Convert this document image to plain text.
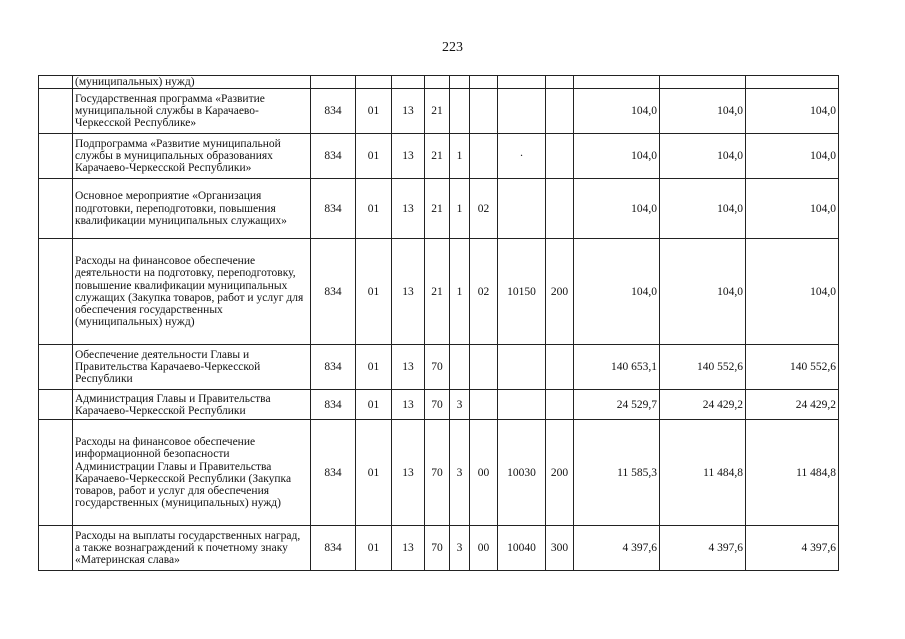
223
	(муниципальных) нужд)											
	Государственная программа «Развитие муниципальной службы в Карачаево-Черкесской Республике»	834	01	13	21					104,0	104,0	104,0
	Подпрограмма «Развитие муниципальной службы в муниципальных образованиях Карачаево-Черкесской Республики»	834	01	13	21	1		·		104,0	104,0	104,0
	Основное мероприятие «Организация подготовки, переподготовки, повышения квалификации муниципальных служащих»	834	01	13	21	1	02			104,0	104,0	104,0
	Расходы на финансовое обеспечение деятельности на подготовку, переподготовку, повышение квалификации муниципальных служащих (Закупка товаров, работ и услуг для обеспечения государственных (муниципальных) нужд)	834	01	13	21	1	02	10150	200	104,0	104,0	104,0
	Обеспечение деятельности Главы и Правительства Карачаево-Черкесской Республики	834	01	13	70					140 653,1	140 552,6	140 552,6
	Администрация Главы и Правительства Карачаево-Черкесской Республики	834	01	13	70	3				24 529,7	24 429,2	24 429,2
	Расходы на финансовое обеспечение информационной безопасности Администрации Главы и Правительства Карачаево-Черкесской Республики (Закупка товаров, работ и услуг для обеспечения государственных (муниципальных) нужд)	834	01	13	70	3	00	10030	200	11 585,3	11 484,8	11 484,8
	Расходы на выплаты государственных наград, а также вознаграждений к почетному знаку «Материнская слава»	834	01	13	70	3	00	10040	300	4 397,6	4 397,6	4 397,6
